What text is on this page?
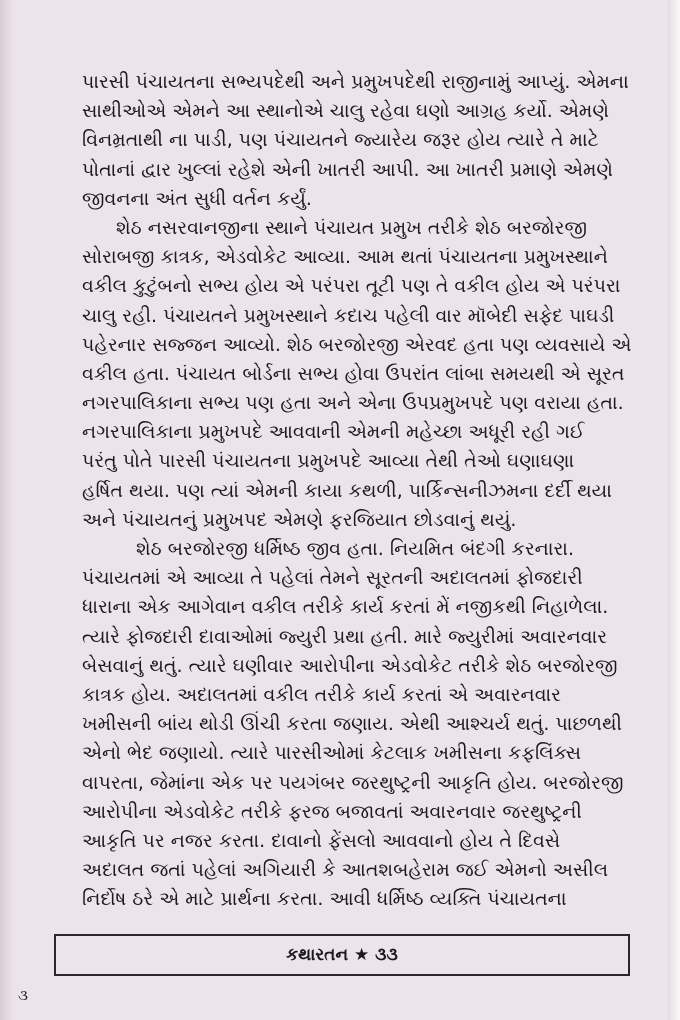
પારસી પંચાયતના સભ્યપદેથી અને પ્રમુખપદેથી રાજીનામું આપ્યું. એમના
સાથીઓએ એમને આ સ્થાનોએ ચાલુ રહેવા ઘણો આગ્રહ કર્યો. એમણે
વિનમ્રતાથી ના પાડી, પણ પંચાયતને જ્યારેય જરૂર હોય ત્યારે તે માટે
પોતાનાં દ્વાર ખુલ્લાં રહેશે એની ખાતરી આપી. આ ખાતરી પ્રમાણે એમણે
જીવનના અંત સુધી વર્તન કર્યું.
શેઠ નસરવાનજીના સ્થાને પંચાયત પ્રમુખ તરીકે શેઠ બરજોરજી
સોરાબજી કાત્રક, એડવોકેટ આવ્યા. આમ થતાં પંચાયતના પ્રમુખસ્થાને
વકીલ કુટુંબનો સભ્ય હોય એ પરંપરા તૂટી પણ તે વકીલ હોય એ પરંપરા
ચાલુ રહી. પંચાયતને પ્રમુખસ્થાને કદાચ પહેલી વાર મૉબેદી સફેદ પાઘડી
પહેરનાર સજ્જન આવ્યો. શેઠ બરજોરજી એરવદ હતા પણ વ્યવસાયે એ
વકીલ હતા. પંચાયત બોર્ડના સભ્ય હોવા ઉપરાંત લાંબા સમયથી એ સૂરત
નગરપાલિકાના સભ્ય પણ હતા અને એના ઉપપ્રમુખપદે પણ વરાયા હતા.
નગરપાલિકાના પ્રમુખપદે આવવાની એમની મહેચ્છા અધૂરી રહી ગઈ
પરંતુ પોતે પારસી પંચાયતના પ્રમુખપદે આવ્યા તેથી તેઓ ઘણાઘણા
હર્ષિત થયા. પણ ત્યાં એમની કાયા કથળી, પાર્કિન્સનીઝમના દર્દી થયા
અને પંચાયતનું પ્રમુખપદ એમણે ફરજિયાત છોડવાનું થયું.
શેઠ બરજોરજી ધર્મિષ્ઠ જીવ હતા. નિયમિત બંદગી કરનારા.
પંચાયતમાં એ આવ્યા તે પહેલાં તેમને સૂરતની અદાલતમાં ફોજદારી
ધારાના એક આગેવાન વકીલ તરીકે કાર્ય કરતાં મેં નજીકથી નિહાળેલા.
ત્યારે ફોજદારી દાવાઓમાં જ્યુરી પ્રથા હતી. મારે જ્યુરીમાં અવારનવાર
બેસવાનું થતું. ત્યારે ઘણીવાર આરોપીના એડવોકેટ તરીકે શેઠ બરજોરજી
કાત્રક હોય. અદાલતમાં વકીલ તરીકે કાર્ય કરતાં એ અવારનવાર
ખમીસની બાંય થોડી ઊંચી કરતા જણાય. એથી આશ્ચર્ય થતું. પાછળથી
એનો ભેદ જણાયો. ત્યારે પારસીઓમાં કેટલાક ખમીસના કફલિંક્સ
વાપરતા, જેમાંના એક પર પયગંબર જરથુષ્ટ્રની આકૃતિ હોય. બરજોરજી
આરોપીના એડવોકેટ તરીકે ફરજ બજાવતાં અવારનવાર જરથુષ્ટ્રની
આકૃતિ પર નજર કરતા. દાવાનો ફેંસલો આવવાનો હોય તે દિવસે
અદાલત જતાં પહેલાં અગિયારી કે આતશબહેરામ જઈ એમનો અસીલ
નિર્દોષ ઠરે એ માટે પ્રાર્થના કરતા. આવી ધર્મિષ્ઠ વ્યક્તિ પંચાયતના
કથારતન ★ ૩૩
૩
